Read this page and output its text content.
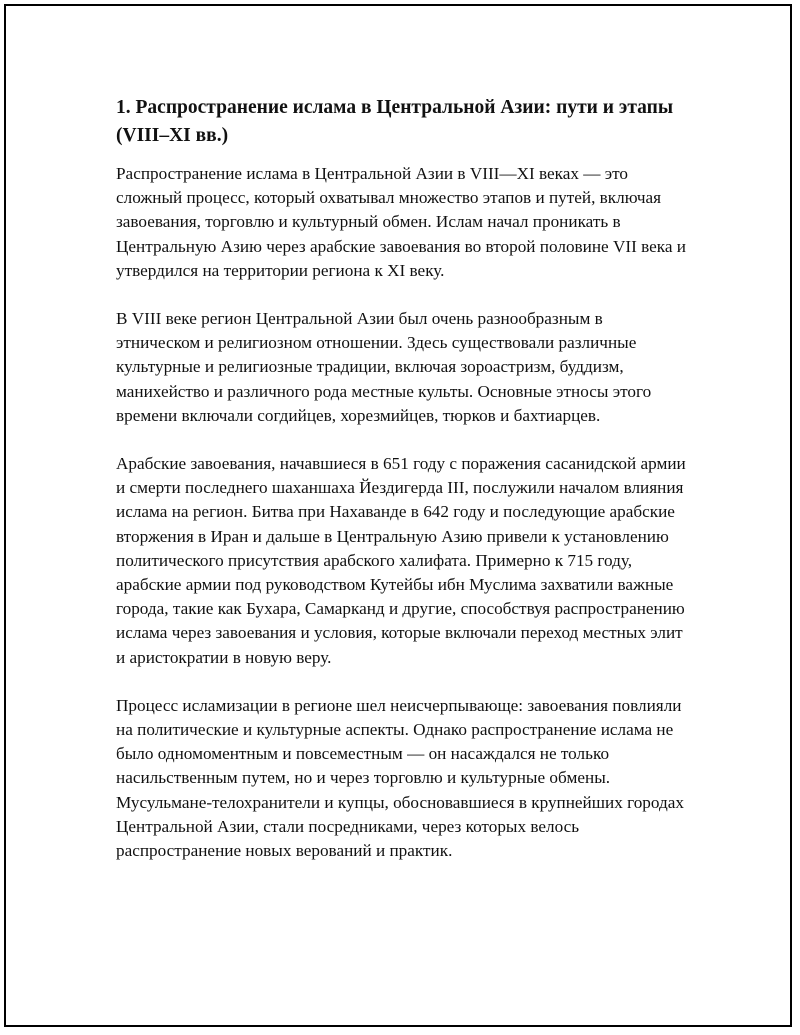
1. Распространение ислама в Центральной Азии: пути и этапы (VIII–XI вв.)

Распространение ислама в Центральной Азии в VIII—XI веках — это сложный процесс, который охватывал множество этапов и путей, включая завоевания, торговлю и культурный обмен. Ислам начал проникать в Центральную Азию через арабские завоевания во второй половине VII века и утвердился на территории региона к XI веку.

В VIII веке регион Центральной Азии был очень разнообразным в этническом и религиозном отношении. Здесь существовали различные культурные и религиозные традиции, включая зороастризм, буддизм, манихейство и различного рода местные культы. Основные этносы этого времени включали согдийцев, хорезмийцев, тюрков и бахтиарцев.

Арабские завоевания, начавшиеся в 651 году с поражения сасанидской армии и смерти последнего шаханшаха Йездигерда III, послужили началом влияния ислама на регион. Битва при Нахаванде в 642 году и последующие арабские вторжения в Иран и дальше в Центральную Азию привели к установлению политического присутствия арабского халифата. Примерно к 715 году, арабские армии под руководством Кутейбы ибн Муслима захватили важные города, такие как Бухара, Самарканд и другие, способствуя распространению ислама через завоевания и условия, которые включали переход местных элит и аристократии в новую веру.

Процесс исламизации в регионе шел неисчерпывающе: завоевания повлияли на политические и культурные аспекты. Однако распространение ислама не было одномоментным и повсеместным — он насаждался не только насильственным путем, но и через торговлю и культурные обмены. Мусульмане-телохранители и купцы, обосновавшиеся в крупнейших городах Центральной Азии, стали посредниками, через которых велось распространение новых верований и практик.
